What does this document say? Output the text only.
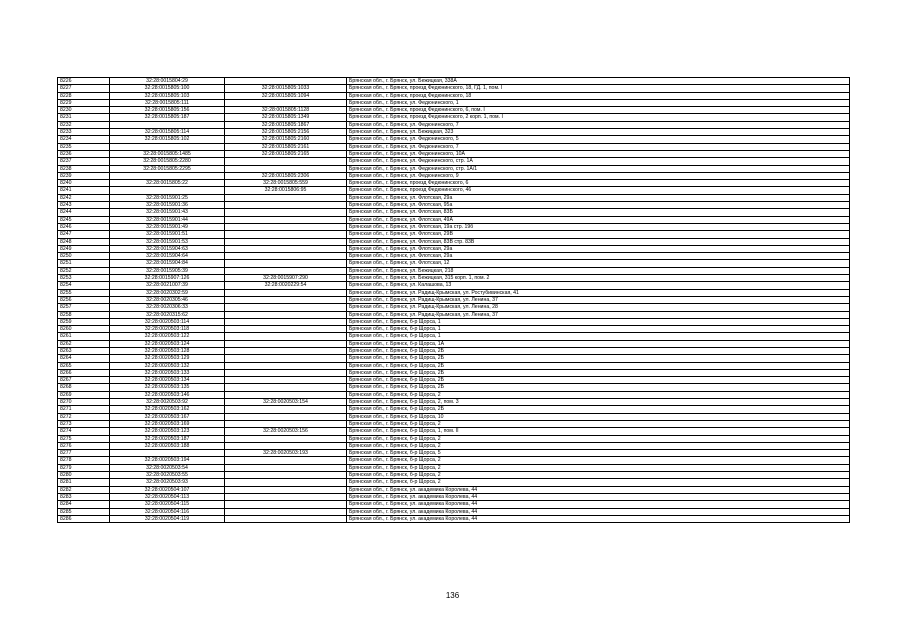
8226	32:28:0015804:29		Брянская обл., г. Брянск, ул. Бежицкая, 338А
8227	32:28:0015805:100	32:28:0015805:1033	Брянская обл., г. Брянск, проезд Федюнинского, 18, ГД. 1, пом. I
8228	32:28:0015805:103	32:28:0015805:1094	Брянская обл., г. Брянск, проезд Федюнинского, 18
8229	32:28:0015805:111		Брянская обл., г. Брянск, ул. Федюнинского, 1
8230	32:28:0015805:156	32:28:0015805:1128	Брянская обл., г. Брянск, проезд Федюнинского, 6, пом. I
8231	32:28:0015805:187	32:28:0015805:1349	Брянская обл., г. Брянск, проезд Федюнинского, 2 корп. 1, пом. I
8232		32:28:0015805:1867	Брянская обл., г. Брянск, ул. Федюнинского, 7
8233	32:28:0015805:114	32:28:0015805:2156	Брянская обл., г. Брянск, ул. Бежицкая, 323
8234	32:28:0015805:102	32:28:0015805:2160	Брянская обл., г. Брянск, ул. Федюнинского, 5
8235		32:28:0015805:2161	Брянская обл., г. Брянск, ул. Федюнинского, 7
8236	32:28:0015805:1485	32:28:0015805:2165	Брянская обл., г. Брянск, ул. Федюнинского, 10А
8237	32:28:0015805:2280		Брянская обл., г. Брянск, ул. Федюнинского, стр. 1А
8238	32:28:0015805:2295		Брянская обл., г. Брянск, ул. Федюнинского, стр. 1А/1
8239		32:28:0015805:2306	Брянская обл., г. Брянск, ул. Федюнинского, 9
8240	32:28:0015805:22	32:28:0015805:559	Брянская обл., г. Брянск, проезд Федюнинского, 6
8241		32:28:0015806:95	Брянская обл., г. Брянск, проезд Федюнинского, 46
8242	32:28:0015901:25		Брянская обл., г. Брянск, ул. Флотская, 29а
8243	32:28:0015901:36		Брянская обл., г. Брянск, ул. Флотская, 95а
8244	32:28:0015901:43		Брянская обл., г. Брянск, ул. Флотская, 83Б
8245	32:28:0015901:44		Брянская обл., г. Брянск, ул. Флотская, 49А
8246	32:28:0015901:49		Брянская обл., г. Брянск, ул. Флотская, 19а стр. 19б
8247	32:28:0015901:51		Брянская обл., г. Брянск, ул. Флотская, 29В
8248	32:28:0015901:53		Брянская обл., г. Брянск, ул. Флотская, 83В стр. 83В
8249	32:28:0015904:63		Брянская обл., г. Брянск, ул. Флотская, 29а
8250	32:28:0015904:64		Брянская обл., г. Брянск, ул. Флотская, 29а
8251	32:28:0015904:84		Брянская обл., г. Брянск, ул. Флотская, 12
8252	32:28:0015905:39		Брянская обл., г. Брянск, ул. Бежицкая, 218
8253	32:28:0015907:126	32:28:0015907:290	Брянская обл., г. Брянск, ул. Бежицкая, 315 корп. 1, пом. 2
8254	32:28:0021007:39	32:28:0020229:54	Брянская обл., г. Брянск, ул. Калашова, 13
8255	32:28:0020302:59		Брянская обл., г. Брянск, ул. Радищ-Крымская, ул. Ростубивинская, 41
8256	32:28:0020305:46		Брянская обл., г. Брянск, ул. Радищ-Крымская, ул. Ленина, 37
8257	32:28:0020306:33		Брянская обл., г. Брянск, ул. Радищ-Крымская, ул. Ленина, 28
8258	32:28:0020315:62		Брянская обл., г. Брянск, ул. Радищ-Крымская, ул. Ленина, 37
8259	32:28:0020503:114		Брянская обл., г. Брянск, б-р Щорса, 1
8260	32:28:0020503:118		Брянская обл., г. Брянск, б-р Щорса, 1
8261	32:28:0020503:122		Брянская обл., г. Брянск, б-р Щорса, 1
8262	32:28:0020503:124		Брянская обл., г. Брянск, б-р Щорса, 1А
8263	32:28:0020503:128		Брянская обл., г. Брянск, б-р Щорса, 2Б
8264	32:28:0020503:129		Брянская обл., г. Брянск, б-р Щорса, 2Б
8265	32:28:0020503:132		Брянская обл., г. Брянск, б-р Щорса, 2Б
8266	32:28:0020503:133		Брянская обл., г. Брянск, б-р Щорса, 2Б
8267	32:28:0020503:134		Брянская обл., г. Брянск, б-р Щорса, 2Б
8268	32:28:0020503:135		Брянская обл., г. Брянск, б-р Щорса, 2Б
8269	32:28:0020503:146		Брянская обл., г. Брянск, б-р Щорса, 2
8270	32:28:0020503:92	32:28:0020503:154	Брянская обл., г. Брянск, б-р Щорса, 2, пом. 3
8271	32:28:0020503:162		Брянская обл., г. Брянск, б-р Щорса, 2Б
8272	32:28:0020503:167		Брянская обл., г. Брянск, б-р Щорса, 10
8273	32:28:0020503:169		Брянская обл., г. Брянск, б-р Щорса, 2
8274	32:28:0020503:123	32:28:0020503:156	Брянская обл., г. Брянск, б-р Щорса, 1, пом. II
8275	32:28:0020503:187		Брянская обл., г. Брянск, б-р Щорса, 2
8276	32:28:0020503:188		Брянская обл., г. Брянск, б-р Щорса, 2
8277		32:28:0020503:193	Брянская обл., г. Брянск, б-р Щорса, 5
8278	32:28:0020503:194		Брянская обл., г. Брянск, б-р Щорса, 2
8279	32:28:0020503:54		Брянская обл., г. Брянск, б-р Щорса, 2
8280	32:28:0020503:55		Брянская обл., г. Брянск, б-р Щорса, 2
8281	32:28:0020503:93		Брянская обл., г. Брянск, б-р Щорса, 2
8282	32:28:0020504:107		Брянская обл., г. Брянск, ул. академика Королева, 44
8283	32:28:0020504:113		Брянская обл., г. Брянск, ул. академика Королева, 44
8284	32:28:0020504:115		Брянская обл., г. Брянск, ул. академика Королева, 44
8285	32:28:0020504:116		Брянская обл., г. Брянск, ул. академика Королева, 44
8286	32:28:0020504:119		Брянская обл., г. Брянск, ул. академика Королева, 44
136
